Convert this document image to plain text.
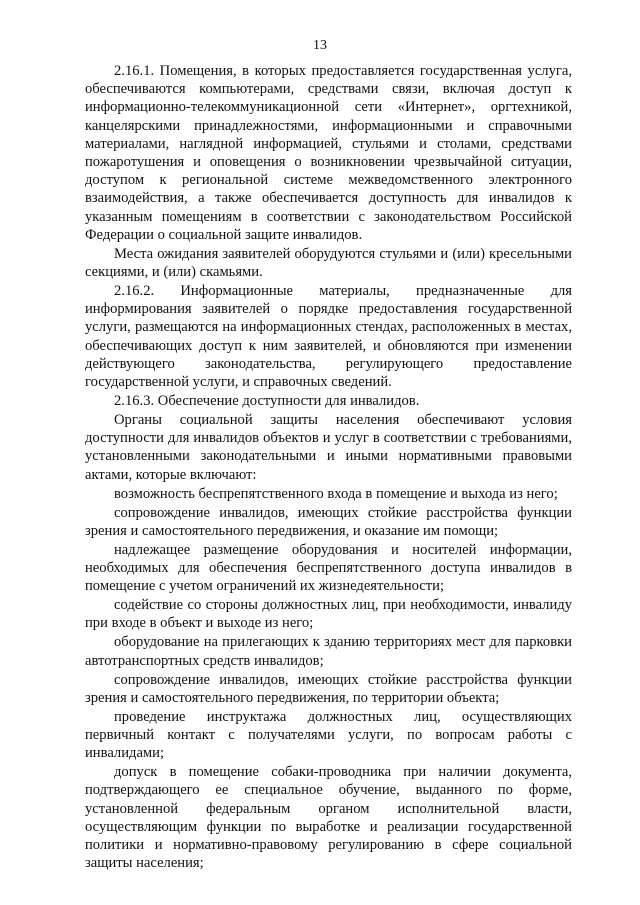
13

2.16.1. Помещения, в которых предоставляется государственная услуга, обеспечиваются компьютерами, средствами связи, включая доступ к информационно-телекоммуникационной сети «Интернет», оргтехникой, канцелярскими принадлежностями, информационными и справочными материалами, наглядной информацией, стульями и столами, средствами пожаротушения и оповещения о возникновении чрезвычайной ситуации, доступом к региональной системе межведомственного электронного взаимодействия, а также обеспечивается доступность для инвалидов к указанным помещениям в соответствии с законодательством Российской Федерации о социальной защите инвалидов.

Места ожидания заявителей оборудуются стульями и (или) кресельными секциями, и (или) скамьями.

2.16.2. Информационные материалы, предназначенные для информирования заявителей о порядке предоставления государственной услуги, размещаются на информационных стендах, расположенных в местах, обеспечивающих доступ к ним заявителей, и обновляются при изменении действующего законодательства, регулирующего предоставление государственной услуги, и справочных сведений.

2.16.3. Обеспечение доступности для инвалидов.

Органы социальной защиты населения обеспечивают условия доступности для инвалидов объектов и услуг в соответствии с требованиями, установленными законодательными и иными нормативными правовыми актами, которые включают:

возможность беспрепятственного входа в помещение и выхода из него;

сопровождение инвалидов, имеющих стойкие расстройства функции зрения и самостоятельного передвижения, и оказание им помощи;

надлежащее размещение оборудования и носителей информации, необходимых для обеспечения беспрепятственного доступа инвалидов в помещение с учетом ограничений их жизнедеятельности;

содействие со стороны должностных лиц, при необходимости, инвалиду при входе в объект и выходе из него;

оборудование на прилегающих к зданию территориях мест для парковки автотранспортных средств инвалидов;

сопровождение инвалидов, имеющих стойкие расстройства функции зрения и самостоятельного передвижения, по территории объекта;

проведение инструктажа должностных лиц, осуществляющих первичный контакт с получателями услуги, по вопросам работы с инвалидами;

допуск в помещение собаки-проводника при наличии документа, подтверждающего ее специальное обучение, выданного по форме, установленной федеральным органом исполнительной власти, осуществляющим функции по выработке и реализации государственной политики и нормативно-правовому регулированию в сфере социальной защиты населения;
